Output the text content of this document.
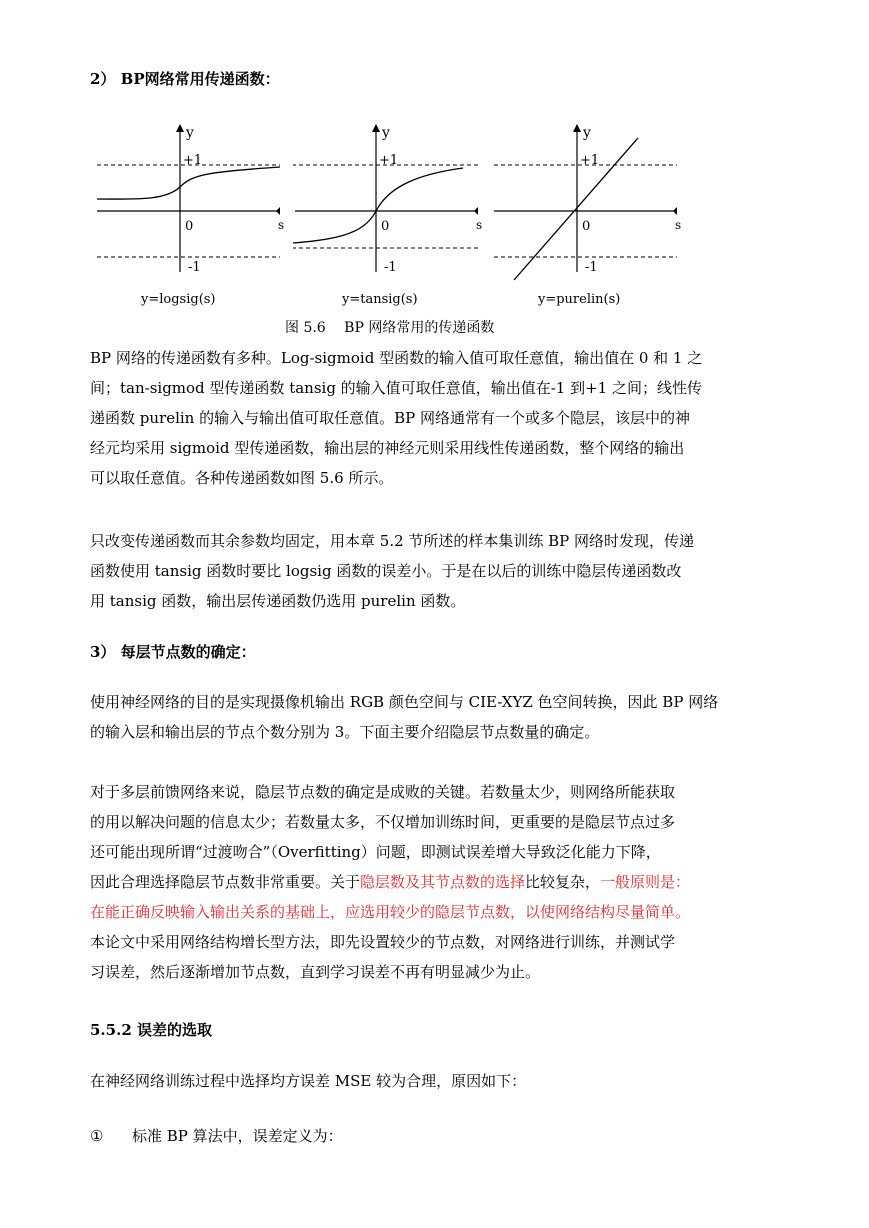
2） BP网络常用传递函数：
y
+1
0
-1
s
y=logsig(s)
y
+1
0
-1
s
y=tansig(s)
y
+1
0
-1
s
y=purelin(s)
图 5.6　 BP 网络常用的传递函数
BP 网络的传递函数有多种。Log-sigmoid 型函数的输入值可取任意值，输出值在 0 和 1 之
间；tan-sigmod 型传递函数 tansig 的输入值可取任意值，输出值在-1 到+1 之间；线性传
递函数 purelin 的输入与输出值可取任意值。BP 网络通常有一个或多个隐层，该层中的神
经元均采用 sigmoid 型传递函数，输出层的神经元则采用线性传递函数，整个网络的输出
可以取任意值。各种传递函数如图 5.6 所示。
只改变传递函数而其余参数均固定，用本章 5.2 节所述的样本集训练 BP 网络时发现，传递
函数使用 tansig 函数时要比 logsig 函数的误差小。于是在以后的训练中隐层传递函数改
用 tansig 函数，输出层传递函数仍选用 purelin 函数。
3） 每层节点数的确定：
使用神经网络的目的是实现摄像机输出 RGB 颜色空间与 CIE-XYZ 色空间转换，因此 BP 网络
的输入层和输出层的节点个数分别为 3。下面主要介绍隐层节点数量的确定。
对于多层前馈网络来说，隐层节点数的确定是成败的关键。若数量太少，则网络所能获取
的用以解决问题的信息太少；若数量太多，不仅增加训练时间，更重要的是隐层节点过多
还可能出现所谓“过渡吻合”（Overfitting）问题，即测试误差增大导致泛化能力下降，
因此合理选择隐层节点数非常重要。关于隐层数及其节点数的选择比较复杂，一般原则是：
在能正确反映输入输出关系的基础上，应选用较少的隐层节点数，以使网络结构尽量简单。
本论文中采用网络结构增长型方法，即先设置较少的节点数，对网络进行训练，并测试学
习误差，然后逐渐增加节点数，直到学习误差不再有明显减少为止。
5.5.2 误差的选取
在神经网络训练过程中选择均方误差 MSE 较为合理，原因如下：
① 标准 BP 算法中，误差定义为：
